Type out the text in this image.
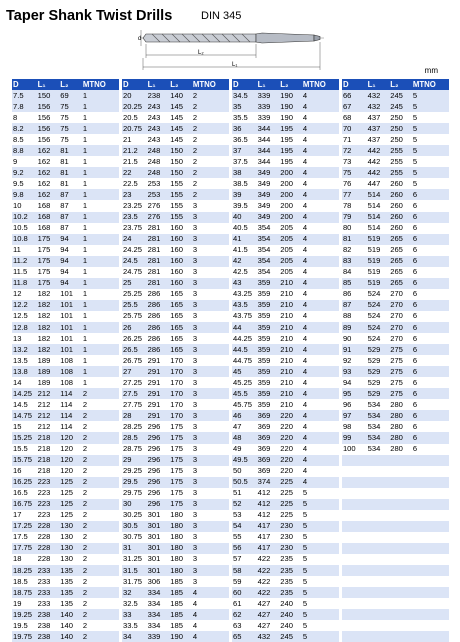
Taper Shank Twist Drills	DIN 345
d
L₂
L₁
mm
D	L₁	L₂	MTNO		D	L₁	L₂	MTNO		D	L₁	L₂	MTNO		D	L₁	L₂	MTNO
7.5	150	69	1		20	238	140	2		34.5	339	190	4		66	432	245	5
7.8	156	75	1		20.25	243	145	2		35	339	190	4		67	432	245	5
8	156	75	1		20.5	243	145	2		35.5	339	190	4		68	437	250	5
8.2	156	75	1		20.75	243	145	2		36	344	195	4		70	437	250	5
8.5	156	75	1		21	243	145	2		36.5	344	195	4		71	437	250	5
8.8	162	81	1		21.2	248	150	2		37	344	195	4		72	442	255	5
9	162	81	1		21.5	248	150	2		37.5	344	195	4		73	442	255	5
9.2	162	81	1		22	248	150	2		38	349	200	4		75	442	255	5
9.5	162	81	1		22.5	253	155	2		38.5	349	200	4		76	447	260	5
9.8	162	87	1		23	253	155	2		39	349	200	4		77	514	260	6
10	168	87	1		23.25	276	155	3		39.5	349	200	4		78	514	260	6
10.2	168	87	1		23.5	276	155	3		40	349	200	4		79	514	260	6
10.5	168	87	1		23.75	281	160	3		40.5	354	205	4		80	514	260	6
10.8	175	94	1		24	281	160	3		41	354	205	4		81	519	265	6
11	175	94	1		24.25	281	160	3		41.5	354	205	4		82	519	265	6
11.2	175	94	1		24.5	281	160	3		42	354	205	4		83	519	265	6
11.5	175	94	1		24.75	281	160	3		42.5	354	205	4		84	519	265	6
11.8	175	94	1		25	281	160	3		43	359	210	4		85	519	265	6
12	182	101	1		25.25	286	165	3		43.25	359	210	4		86	524	270	6
12.2	182	101	1		25.5	286	165	3		43.5	359	210	4		87	524	270	6
12.5	182	101	1		25.75	286	165	3		43.75	359	210	4		88	524	270	6
12.8	182	101	1		26	286	165	3		44	359	210	4		89	524	270	6
13	182	101	1		26.25	286	165	3		44.25	359	210	4		90	524	270	6
13.2	182	101	1		26.5	286	165	3		44.5	359	210	4		91	529	275	6
13.5	189	108	1		26.75	291	170	3		44.75	359	210	4		92	529	275	6
13.8	189	108	1		27	291	170	3		45	359	210	4		93	529	275	6
14	189	108	1		27.25	291	170	3		45.25	359	210	4		94	529	275	6
14.25	212	114	2		27.5	291	170	3		45.5	359	210	4		95	529	275	6
14.5	212	114	2		27.75	291	170	3		45.75	359	210	4		96	534	280	6
14.75	212	114	2		28	291	170	3		46	369	220	4		97	534	280	6
15	212	114	2		28.25	296	175	3		47	369	220	4		98	534	280	6
15.25	218	120	2		28.5	296	175	3		48	369	220	4		99	534	280	6
15.5	218	120	2		28.75	296	175	3		49	369	220	4		100	534	280	6
15.75	218	120	2		29	296	175	3		49.5	369	220	4					
16	218	120	2		29.25	296	175	3		50	369	220	4					
16.25	223	125	2		29.5	296	175	3		50.5	374	225	4					
16.5	223	125	2		29.75	296	175	3		51	412	225	5					
16.75	223	125	2		30	296	175	3		52	412	225	5					
17	223	125	2		30.25	301	180	3		53	412	225	5					
17.25	228	130	2		30.5	301	180	3		54	417	230	5					
17.5	228	130	2		30.75	301	180	3		55	417	230	5					
17.75	228	130	2		31	301	180	3		56	417	230	5					
18	228	130	2		31.25	301	180	3		57	422	235	5					
18.25	233	135	2		31.5	301	180	3		58	422	235	5					
18.5	233	135	2		31.75	306	185	3		59	422	235	5					
18.75	233	135	2		32	334	185	4		60	422	235	5					
19	233	135	2		32.5	334	185	4		61	427	240	5					
19.25	238	140	2		33	334	185	4		62	427	240	5					
19.5	238	140	2		33.5	334	185	4		63	427	240	5					
19.75	238	140	2		34	339	190	4		65	432	245	5					
